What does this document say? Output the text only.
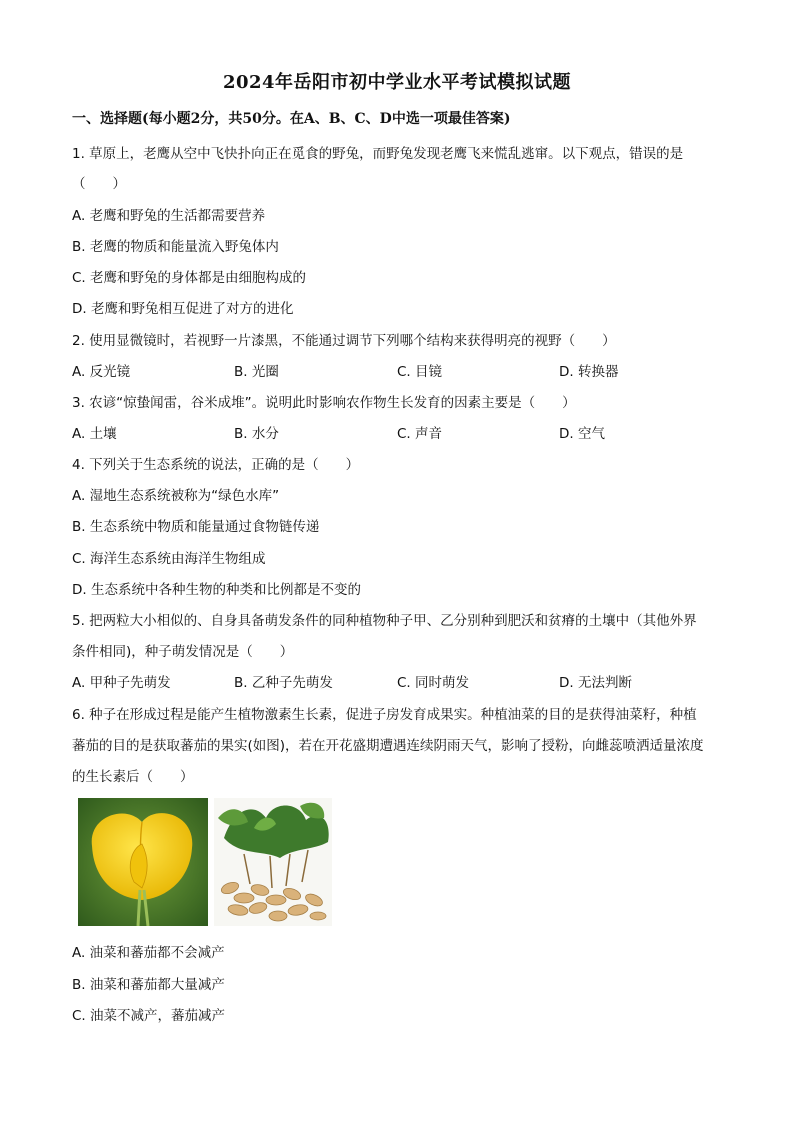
2024年岳阳市初中学业水平考试模拟试题
一、选择题(每小题2分，共50分。在A、B、C、D中选一项最佳答案)
1. 草原上，老鹰从空中飞快扑向正在觅食的野兔，而野兔发现老鹰飞来慌乱逃窜。以下观点，错误的是
（　　）
A. 老鹰和野兔的生活都需要营养
B. 老鹰的物质和能量流入野兔体内
C. 老鹰和野兔的身体都是由细胞构成的
D. 老鹰和野兔相互促进了对方的进化
2. 使用显微镜时，若视野一片漆黑，不能通过调节下列哪个结构来获得明亮的视野（　　）
A. 反光镜	B. 光圈	C. 目镜	D. 转换器
3. 农谚“惊蛰闻雷，谷米成堆”。说明此时影响农作物生长发育的因素主要是（　　）
A. 土壤	B. 水分	C. 声音	D. 空气
4. 下列关于生态系统的说法，正确的是（　　）
A. 湿地生态系统被称为“绿色水库”
B. 生态系统中物质和能量通过食物链传递
C. 海洋生态系统由海洋生物组成
D. 生态系统中各种生物的种类和比例都是不变的
5. 把两粒大小相似的、自身具备萌发条件的同种植物种子甲、乙分别种到肥沃和贫瘠的土壤中（其他外界
条件相同)，种子萌发情况是（　　）
A. 甲种子先萌发	B. 乙种子先萌发	C. 同时萌发	D. 无法判断
6. 种子在形成过程是能产生植物激素生长素，促进子房发育成果实。种植油菜的目的是获得油菜籽，种植
蕃茄的目的是获取蕃茄的果实(如图)，若在开花盛期遭遇连续阴雨天气，影响了授粉，向雌蕊喷洒适量浓度
的生长素后（　　）
A. 油菜和蕃茄都不会减产
B. 油菜和蕃茄都大量减产
C. 油菜不减产，蕃茄减产
